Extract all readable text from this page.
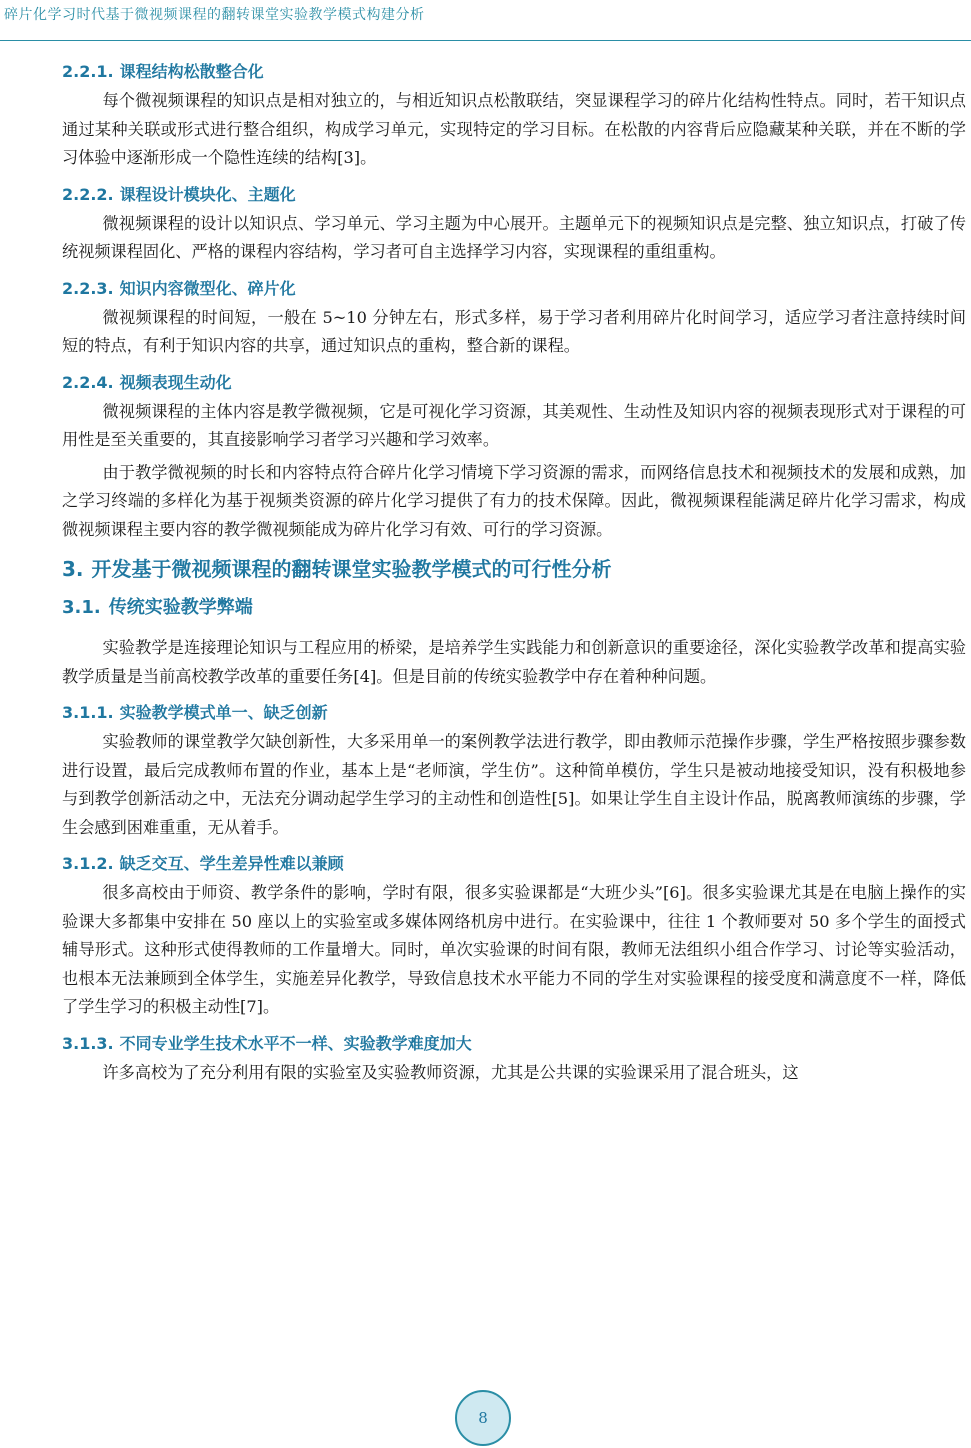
碎片化学习时代基于微视频课程的翻转课堂实验教学模式构建分析
2.2.1. 课程结构松散整合化

每个微视频课程的知识点是相对独立的，与相近知识点松散联结，突显课程学习的碎片化结构性特点。同时，若干知识点通过某种关联或形式进行整合组织，构成学习单元，实现特定的学习目标。在松散的内容背后应隐藏某种关联，并在不断的学习体验中逐渐形成一个隐性连续的结构[3]。

2.2.2. 课程设计模块化、主题化

微视频课程的设计以知识点、学习单元、学习主题为中心展开。主题单元下的视频知识点是完整、独立知识点，打破了传统视频课程固化、严格的课程内容结构，学习者可自主选择学习内容，实现课程的重组重构。

2.2.3. 知识内容微型化、碎片化

微视频课程的时间短，一般在 5~10 分钟左右，形式多样，易于学习者利用碎片化时间学习，适应学习者注意持续时间短的特点，有利于知识内容的共享，通过知识点的重构，整合新的课程。

2.2.4. 视频表现生动化

微视频课程的主体内容是教学微视频，它是可视化学习资源，其美观性、生动性及知识内容的视频表现形式对于课程的可用性是至关重要的，其直接影响学习者学习兴趣和学习效率。

由于教学微视频的时长和内容特点符合碎片化学习情境下学习资源的需求，而网络信息技术和视频技术的发展和成熟，加之学习终端的多样化为基于视频类资源的碎片化学习提供了有力的技术保障。因此，微视频课程能满足碎片化学习需求，构成微视频课程主要内容的教学微视频能成为碎片化学习有效、可行的学习资源。

3. 开发基于微视频课程的翻转课堂实验教学模式的可行性分析
3.1. 传统实验教学弊端

实验教学是连接理论知识与工程应用的桥梁，是培养学生实践能力和创新意识的重要途径，深化实验教学改革和提高实验教学质量是当前高校教学改革的重要任务[4]。但是目前的传统实验教学中存在着种种问题。

3.1.1. 实验教学模式单一、缺乏创新

实验教师的课堂教学欠缺创新性，大多采用单一的案例教学法进行教学，即由教师示范操作步骤，学生严格按照步骤参数进行设置，最后完成教师布置的作业，基本上是“老师演，学生仿”。这种简单模仿，学生只是被动地接受知识，没有积极地参与到教学创新活动之中，无法充分调动起学生学习的主动性和创造性[5]。如果让学生自主设计作品，脱离教师演练的步骤，学生会感到困难重重，无从着手。

3.1.2. 缺乏交互、学生差异性难以兼顾

很多高校由于师资、教学条件的影响，学时有限，很多实验课都是“大班少头”[6]。很多实验课尤其是在电脑上操作的实验课大多都集中安排在 50 座以上的实验室或多媒体网络机房中进行。在实验课中，往往 1 个教师要对 50 多个学生的面授式辅导形式。这种形式使得教师的工作量增大。同时，单次实验课的时间有限，教师无法组织小组合作学习、讨论等实验活动，也根本无法兼顾到全体学生，实施差异化教学，导致信息技术水平能力不同的学生对实验课程的接受度和满意度不一样，降低了学生学习的积极主动性[7]。

3.1.3. 不同专业学生技术水平不一样、实验教学难度加大

许多高校为了充分利用有限的实验室及实验教师资源，尤其是公共课的实验课采用了混合班头，这

8
